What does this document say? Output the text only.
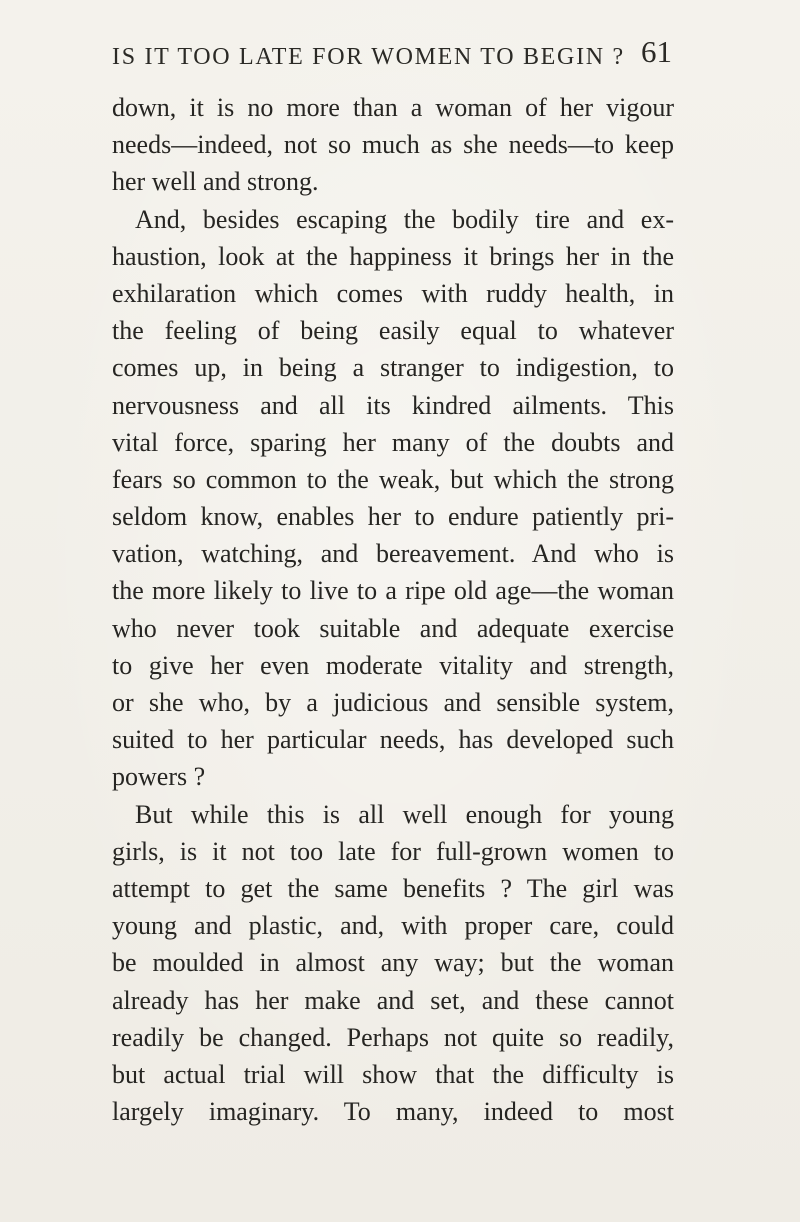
IS IT TOO LATE FOR WOMEN TO BEGIN ? 61
down, it is no more than a woman of her vigour
needs—indeed, not so much as she needs—to keep
her well and strong.
And, besides escaping the bodily tire and ex-
haustion, look at the happiness it brings her in the
exhilaration which comes with ruddy health, in
the feeling of being easily equal to whatever
comes up, in being a stranger to indigestion, to
nervousness and all its kindred ailments. This
vital force, sparing her many of the doubts and
fears so common to the weak, but which the strong
seldom know, enables her to endure patiently pri-
vation, watching, and bereavement. And who is
the more likely to live to a ripe old age—the woman
who never took suitable and adequate exercise
to give her even moderate vitality and strength,
or she who, by a judicious and sensible system,
suited to her particular needs, has developed such
powers ?
But while this is all well enough for young
girls, is it not too late for full-grown women to
attempt to get the same benefits ? The girl was
young and plastic, and, with proper care, could
be moulded in almost any way; but the woman
already has her make and set, and these cannot
readily be changed. Perhaps not quite so readily,
but actual trial will show that the difficulty is
largely imaginary. To many, indeed to most
